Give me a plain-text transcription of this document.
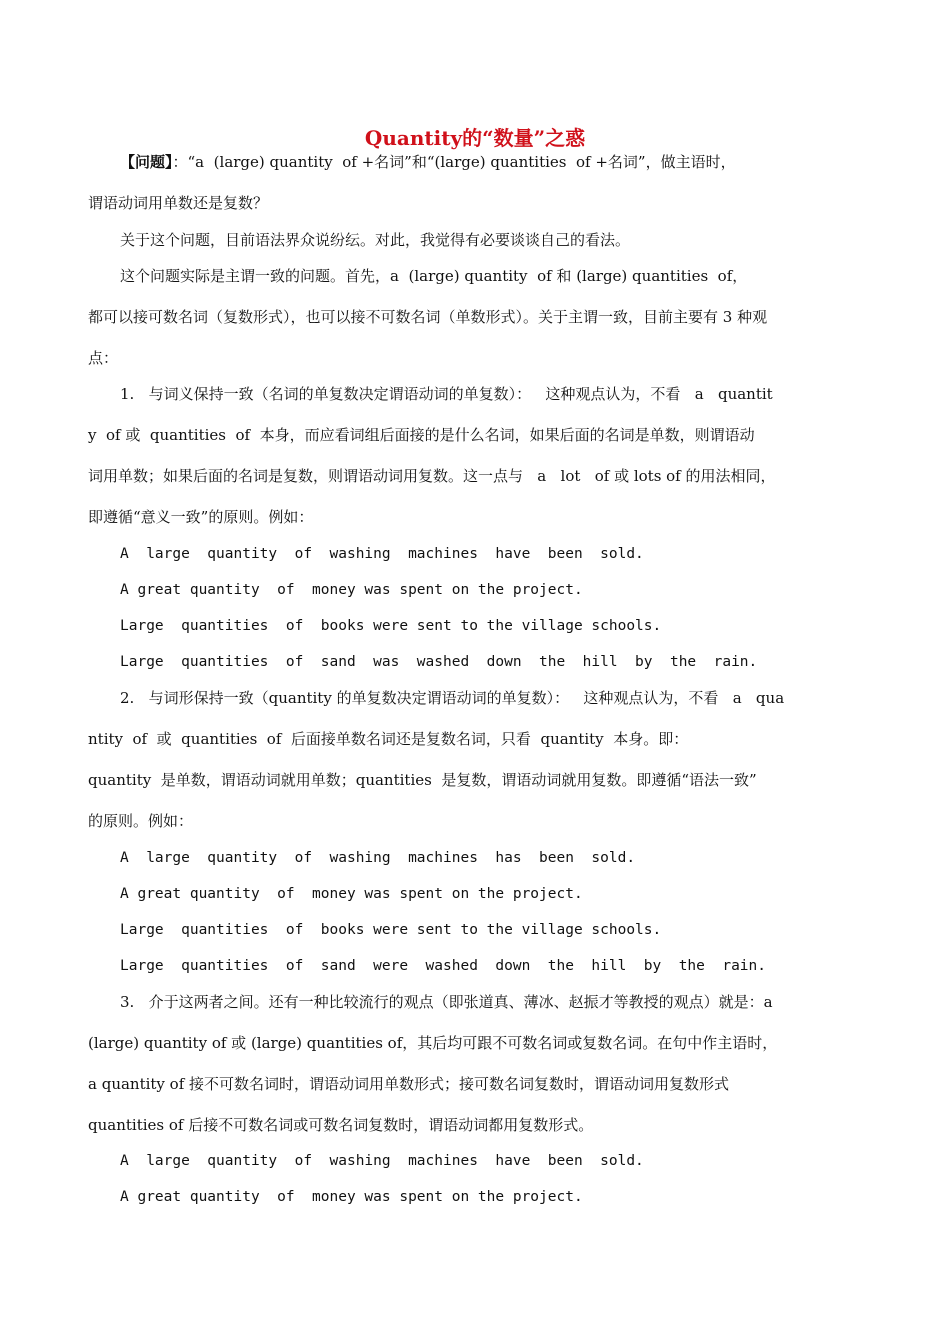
Quantity的“数量”之惑
【问题】：“a  (large) quantity  of +名词”和“(large) quantities  of +名词”，做主语时，
谓语动词用单数还是复数？
关于这个问题，目前语法界众说纷纭。对此，我觉得有必要谈谈自己的看法。
这个问题实际是主谓一致的问题。首先，a  (large) quantity  of 和 (large) quantities  of，
都可以接可数名词（复数形式），也可以接不可数名词（单数形式）。关于主谓一致，目前主要有 3 种观
点：
1.   与词义保持一致（名词的单复数决定谓语动词的单复数）：   这种观点认为，不看   a   quantit
y  of 或  quantities  of  本身，而应看词组后面接的是什么名词，如果后面的名词是单数，则谓语动
词用单数；如果后面的名词是复数，则谓语动词用复数。这一点与   a   lot   of 或 lots of 的用法相同，
即遵循“意义一致”的原则。例如：
A  large  quantity  of  washing  machines  have  been  sold.
A great quantity  of  money was spent on the project.
Large  quantities  of  books were sent to the village schools.
Large  quantities  of  sand  was  washed  down  the  hill  by  the  rain.
2.   与词形保持一致（quantity 的单复数决定谓语动词的单复数）：   这种观点认为，不看   a   qua
ntity  of  或  quantities  of  后面接单数名词还是复数名词，只看  quantity  本身。即：
quantity  是单数，谓语动词就用单数；quantities  是复数，谓语动词就用复数。即遵循“语法一致”
的原则。例如：
A  large  quantity  of  washing  machines  has  been  sold.
A great quantity  of  money was spent on the project.
Large  quantities  of  books were sent to the village schools.
Large  quantities  of  sand  were  washed  down  the  hill  by  the  rain.
3.   介于这两者之间。还有一种比较流行的观点（即张道真、薄冰、赵振才等教授的观点）就是：a
(large) quantity of 或 (large) quantities of，其后均可跟不可数名词或复数名词。在句中作主语时，
a quantity of 接不可数名词时，谓语动词用单数形式；接可数名词复数时，谓语动词用复数形式
quantities of 后接不可数名词或可数名词复数时，谓语动词都用复数形式。
A  large  quantity  of  washing  machines  have  been  sold.
A great quantity  of  money was spent on the project.
